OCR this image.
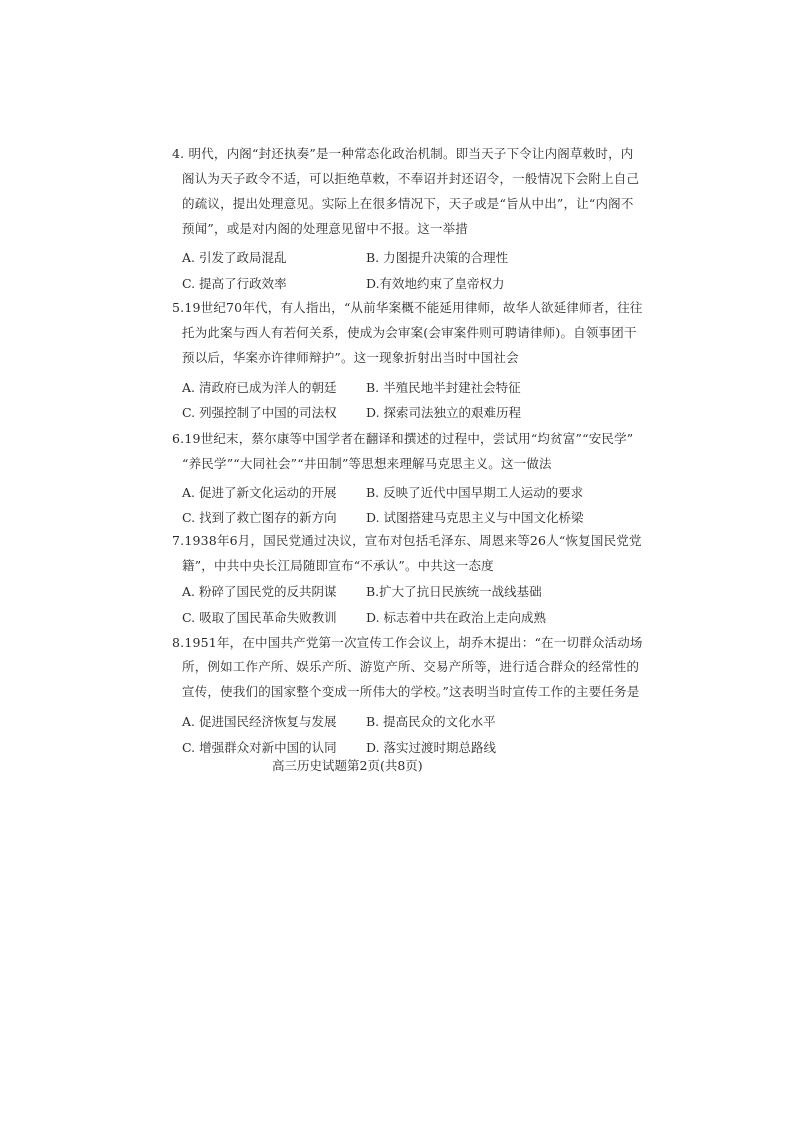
4. 明代，内阁“封还执奏”是一种常态化政治机制。即当天子下令让内阁草敕时，内
阁认为天子政令不适，可以拒绝草敕，不奉诏并封还诏令，一般情况下会附上自己
的疏议，提出处理意见。实际上在很多情况下，天子或是“旨从中出”，让“内阁不
预闻”，或是对内阁的处理意见留中不报。这一举措
A. 引发了政局混乱	B. 力图提升决策的合理性
C. 提高了行政效率	D.有效地约束了皇帝权力
5.19世纪70年代，有人指出，“从前华案概不能延用律师，故华人欲延律师者，往往
托为此案与西人有若何关系，使成为会审案(会审案件则可聘请律师)。自领事团干
预以后，华案亦许律师辩护”。这一现象折射出当时中国社会
A. 清政府已成为洋人的朝廷 B. 半殖民地半封建社会特征
C. 列强控制了中国的司法权 D. 探索司法独立的艰难历程
6.19世纪末，蔡尔康等中国学者在翻译和撰述的过程中，尝试用“均贫富”“安民学”
“养民学”“大同社会”“井田制”等思想来理解马克思主义。这一做法
A. 促进了新文化运动的开展 B. 反映了近代中国早期工人运动的要求
C. 找到了救亡图存的新方向 D. 试图搭建马克思主义与中国文化桥梁
7.1938年6月，国民党通过决议，宣布对包括毛泽东、周恩来等26人“恢复国民党党
籍”，中共中央长江局随即宣布“不承认”。中共这一态度
A. 粉碎了国民党的反共阴谋 B.扩大了抗日民族统一战线基础
C. 吸取了国民革命失败教训 D. 标志着中共在政治上走向成熟
8.1951年，在中国共产党第一次宣传工作会议上，胡乔木提出：“在一切群众活动场
所，例如工作产所、娱乐产所、游览产所、交易产所等，进行适合群众的经常性的
宣传，使我们的国家整个变成一所伟大的学校。”这表明当时宣传工作的主要任务是
A. 促进国民经济恢复与发展 B. 提高民众的文化水平
C. 增强群众对新中国的认同 D. 落实过渡时期总路线
高三历史试题第2页(共8页)
